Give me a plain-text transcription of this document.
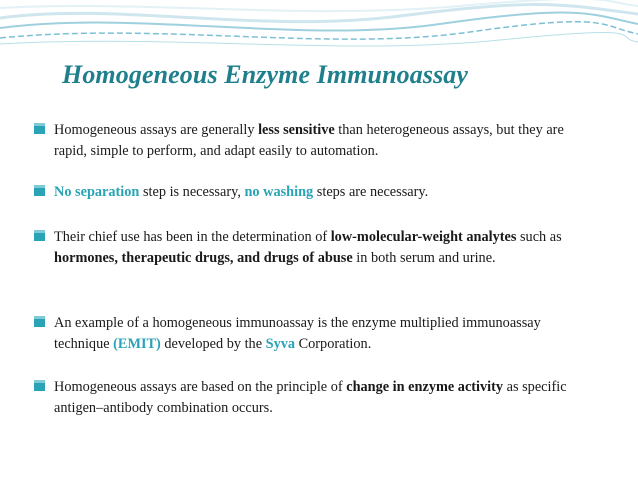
Homogeneous Enzyme Immunoassay
Homogeneous assays are generally less sensitive than heterogeneous assays, but they are rapid, simple to perform, and adapt easily to automation.
No separation step is necessary, no washing steps are necessary.
Their chief use has been in the determination of low-molecular-weight analytes such as hormones, therapeutic drugs, and drugs of abuse in both serum and urine.
An example of a homogeneous immunoassay is the enzyme multiplied immunoassay technique (EMIT) developed by the Syva Corporation.
Homogeneous assays are based on the principle of change in enzyme activity as specific antigen–antibody combination occurs.
